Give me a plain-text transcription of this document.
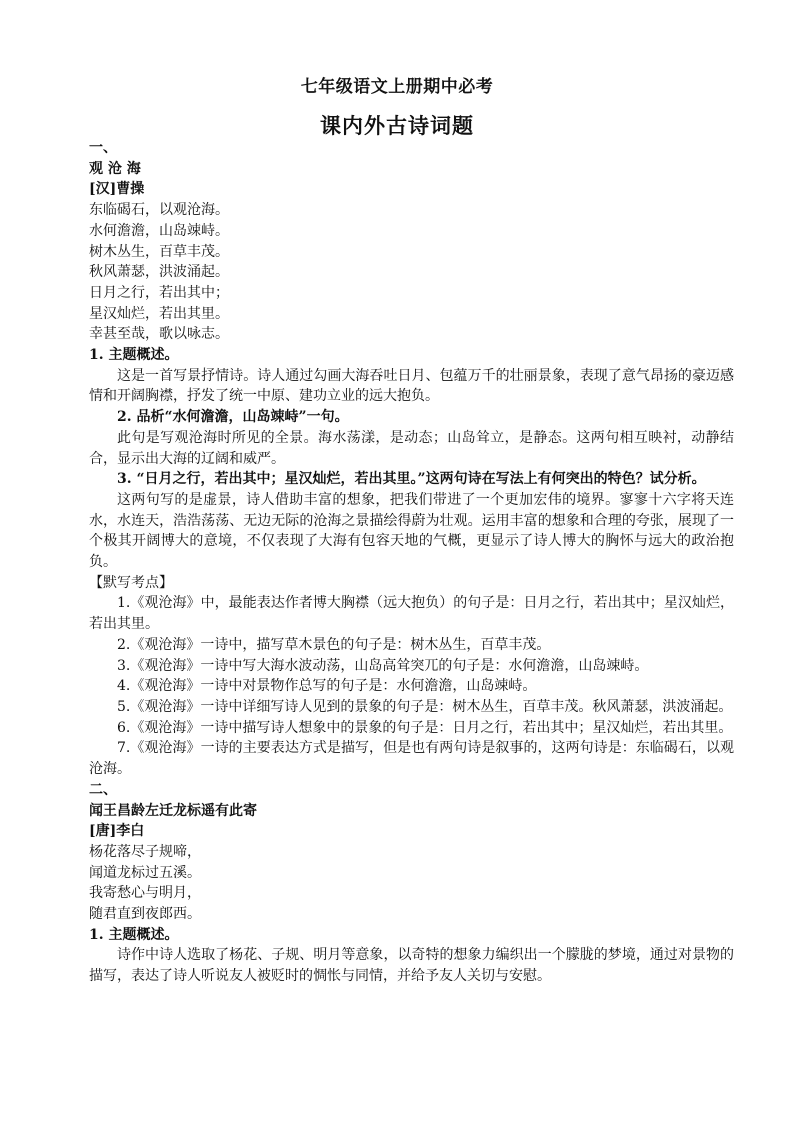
七年级语文上册期中必考
课内外古诗词题
一、
观 沧 海
[汉]曹操
东临碣石，以观沧海。
水何澹澹，山岛竦峙。
树木丛生，百草丰茂。
秋风萧瑟，洪波涌起。
日月之行，若出其中；
星汉灿烂，若出其里。
幸甚至哉，歌以咏志。
1. 主题概述。
这是一首写景抒情诗。诗人通过勾画大海吞吐日月、包蕴万千的壮丽景象，表现了意气昂扬的豪迈感情和开阔胸襟，抒发了统一中原、建功立业的远大抱负。
2. 品析“水何澹澹，山岛竦峙”一句。
此句是写观沧海时所见的全景。海水荡漾，是动态；山岛耸立，是静态。这两句相互映衬，动静结合，显示出大海的辽阔和威严。
3. “日月之行，若出其中；星汉灿烂，若出其里。”这两句诗在写法上有何突出的特色？试分析。
这两句写的是虚景，诗人借助丰富的想象，把我们带进了一个更加宏伟的境界。寥寥十六字将天连水，水连天，浩浩荡荡、无边无际的沧海之景描绘得蔚为壮观。运用丰富的想象和合理的夸张，展现了一个极其开阔博大的意境，不仅表现了大海有包容天地的气概，更显示了诗人博大的胸怀与远大的政治抱负。
【默写考点】
1.《观沧海》中，最能表达作者博大胸襟（远大抱负）的句子是：日月之行，若出其中；星汉灿烂，若出其里。
2.《观沧海》一诗中，描写草木景色的句子是：树木丛生，百草丰茂。
3.《观沧海》一诗中写大海水波动荡，山岛高耸突兀的句子是：水何澹澹，山岛竦峙。
4.《观沧海》一诗中对景物作总写的句子是：水何澹澹，山岛竦峙。
5.《观沧海》一诗中详细写诗人见到的景象的句子是：树木丛生，百草丰茂。秋风萧瑟，洪波涌起。
6.《观沧海》一诗中描写诗人想象中的景象的句子是：日月之行，若出其中；星汉灿烂，若出其里。
7.《观沧海》一诗的主要表达方式是描写，但是也有两句诗是叙事的，这两句诗是：东临碣石，以观沧海。
二、
闻王昌龄左迁龙标遥有此寄
[唐]李白
杨花落尽子规啼，
闻道龙标过五溪。
我寄愁心与明月，
随君直到夜郎西。
1. 主题概述。
诗作中诗人选取了杨花、子规、明月等意象，以奇特的想象力编织出一个朦胧的梦境，通过对景物的描写，表达了诗人听说友人被贬时的惆怅与同情，并给予友人关切与安慰。
